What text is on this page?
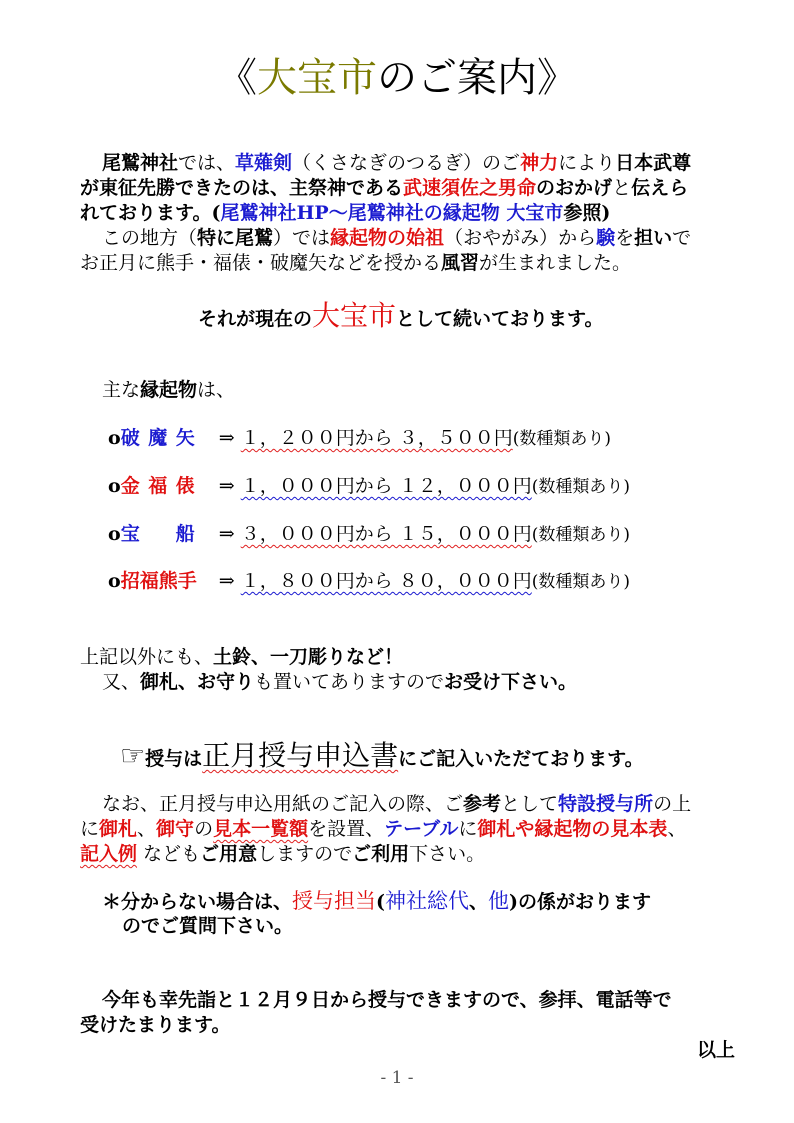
《大宝市のご案内》
尾鷲神社では、草薙剣（くさなぎのつるぎ）のご神力により日本武尊
が東征先勝できたのは、主祭神である武速須佐之男命のおかげと伝えら
れております。(尾鷲神社HP～尾鷲神社の縁起物 大宝市参照)
この地方（特に尾鷲）では縁起物の始祖（おやがみ）から験を担いで
お正月に熊手・福俵・破魔矢などを授かる風習が生まれました。
それが現在の大宝市として続いております。
主な縁起物は、
o破魔矢 ⇒ １，２００円から ３，５００円(数種類あり)
o金福俵 ⇒ １，０００円から １２，０００円(数種類あり)
o宝　船 ⇒ ３，０００円から １５，０００円(数種類あり)
o招福熊手 ⇒ １，８００円から ８０，０００円(数種類あり)
上記以外にも、土鈴、一刀彫りなど！
又、御札、お守りも置いてありますのでお受け下さい。
☞授与は正月授与申込書にご記入いただております。
なお、正月授与申込用紙のご記入の際、ご参考として特設授与所の上
に御札、御守の見本一覧額を設置、テーブルに御札や縁起物の見本表、
記入例 などもご用意しますのでご利用下さい。
＊分からない場合は、授与担当(神社総代、他)の係がおります
のでご質問下さい。
今年も幸先詣と１２月９日から授与できますので、参拝、電話等で
受けたまります。
以上
- 1 -
